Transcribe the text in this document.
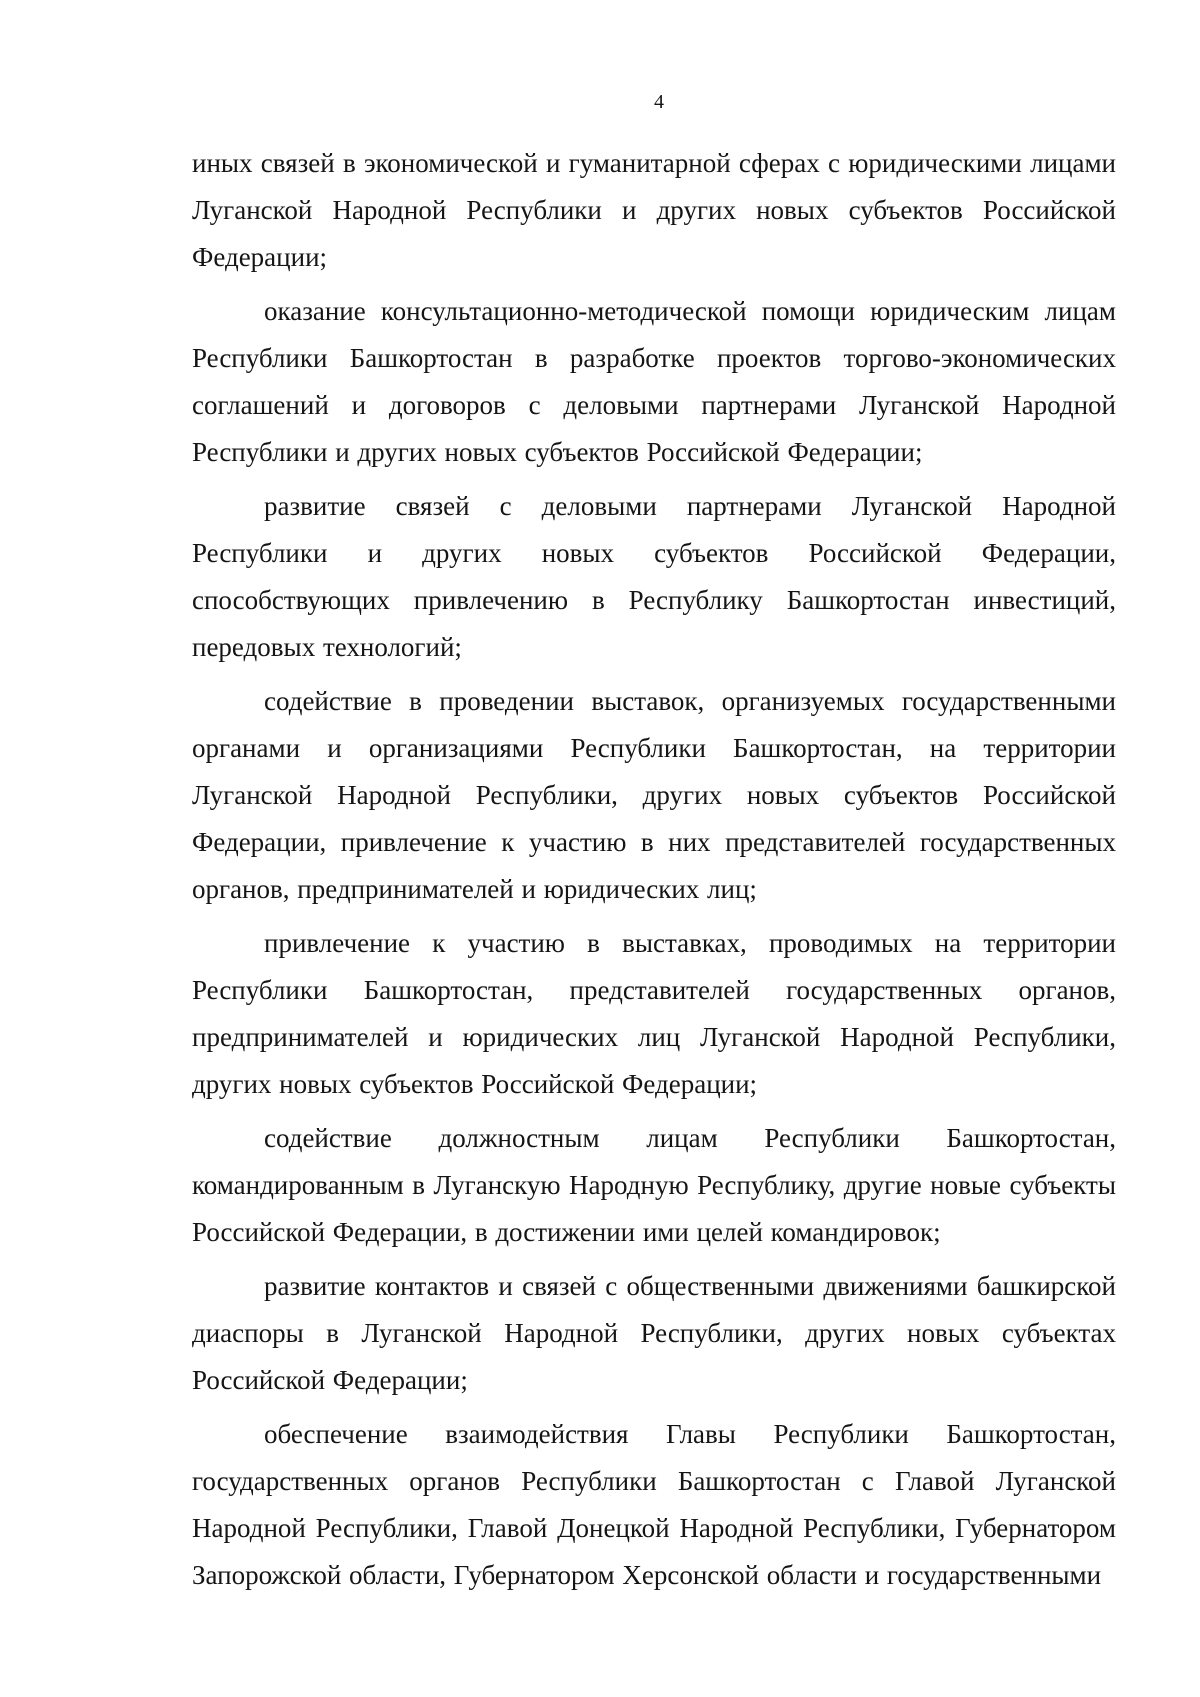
4

иных связей в экономической и гуманитарной сферах с юридическими лицами Луганской Народной Республики и других новых субъектов Российской Федерации;

оказание консультационно-методической помощи юридическим лицам Республики Башкортостан в разработке проектов торгово-экономических соглашений и договоров с деловыми партнерами Луганской Народной Республики и других новых субъектов Российской Федерации;

развитие связей с деловыми партнерами Луганской Народной Республики и других новых субъектов Российской Федерации, способствующих привлечению в Республику Башкортостан инвестиций, передовых технологий;

содействие в проведении выставок, организуемых государственными органами и организациями Республики Башкортостан, на территории Луганской Народной Республики, других новых субъектов Российской Федерации, привлечение к участию в них представителей государственных органов, предпринимателей и юридических лиц;

привлечение к участию в выставках, проводимых на территории Республики Башкортостан, представителей государственных органов, предпринимателей и юридических лиц Луганской Народной Республики, других новых субъектов Российской Федерации;

содействие должностным лицам Республики Башкортостан, командированным в Луганскую Народную Республику, другие новые субъекты Российской Федерации, в достижении ими целей командировок;

развитие контактов и связей с общественными движениями башкирской диаспоры в Луганской Народной Республики, других новых субъектах Российской Федерации;

обеспечение взаимодействия Главы Республики Башкортостан, государственных органов Республики Башкортостан с Главой Луганской Народной Республики, Главой Донецкой Народной Республики, Губернатором Запорожской области, Губернатором Херсонской области и государственными
